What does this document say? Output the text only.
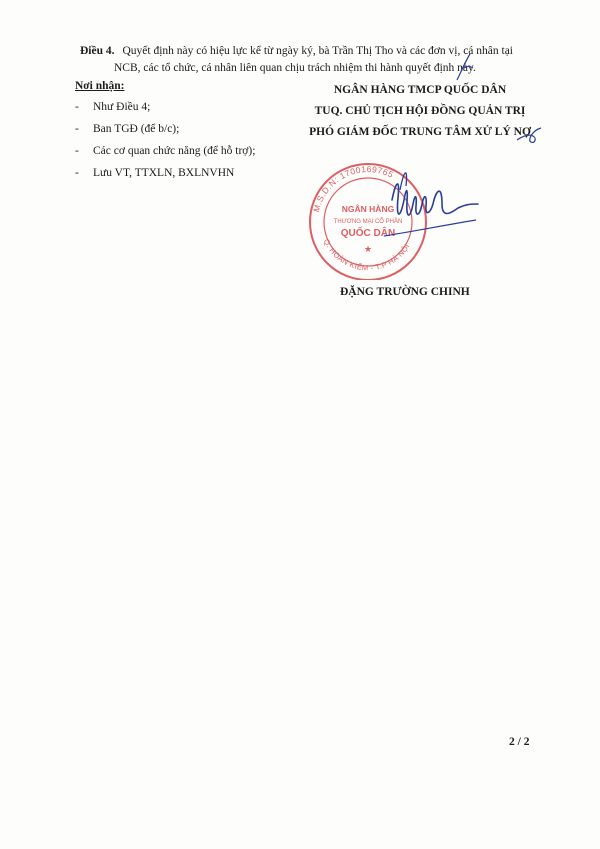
Điều 4. Quyết định này có hiệu lực kể từ ngày ký, bà Trần Thị Tho và các đơn vị, cá nhân tại
NCB, các tổ chức, cá nhân liên quan chịu trách nhiệm thi hành quyết định này.
Nơi nhận:
-	Như Điều 4;
-	Ban TGĐ (để b/c);
-	Các cơ quan chức năng (để hỗ trợ);
-	Lưu VT, TTXLN, BXLNVHN
NGÂN HÀNG TMCP QUỐC DÂN
TUQ. CHỦ TỊCH HỘI ĐỒNG QUẢN TRỊ
PHÓ GIÁM ĐỐC TRUNG TÂM XỬ LÝ NỢ
M.S.D.N: 1700169765
Q. HOÀN KIẾM - T.P HÀ NỘI
NGÂN HÀNG
THƯƠNG MẠI CỔ PHẦN
QUỐC DÂN
★
ĐẶNG TRƯỜNG CHINH
2 / 2
